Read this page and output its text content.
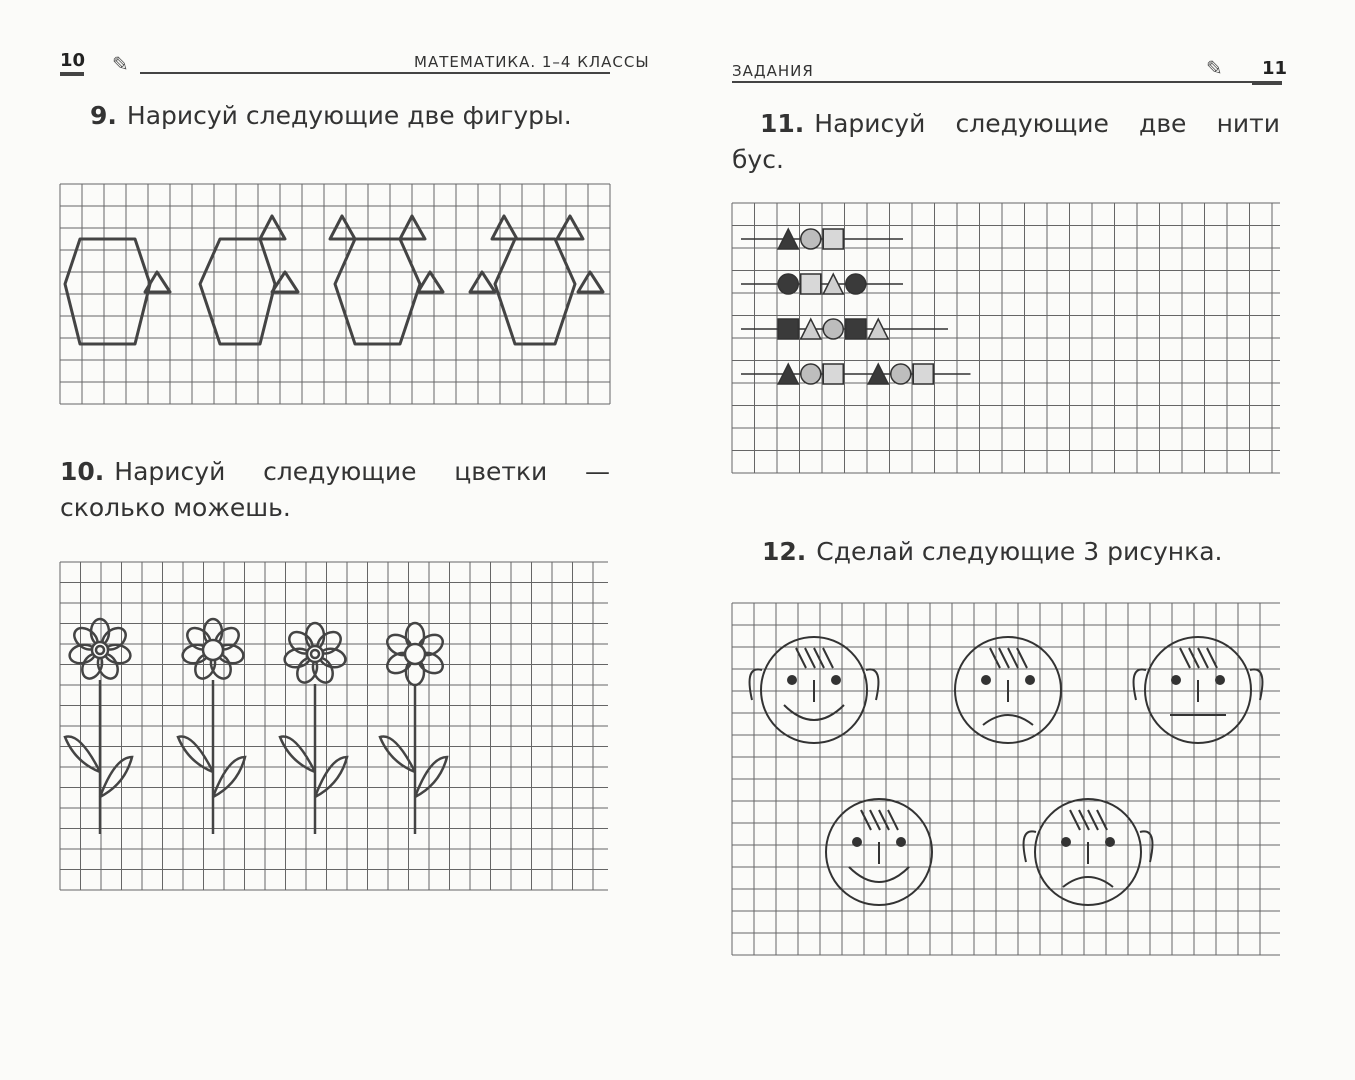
10 ✎	МАТЕМАТИКА. 1–4 КЛАССЫ
9. Нарисуй следующие две фигуры.
10. Нарисуй следующие цветки —
сколько можешь.
ЗАДАНИЯ	✎ 11
11. Нарисуй следующие две нити
бус.
12. Сделай следующие 3 рисунка.
